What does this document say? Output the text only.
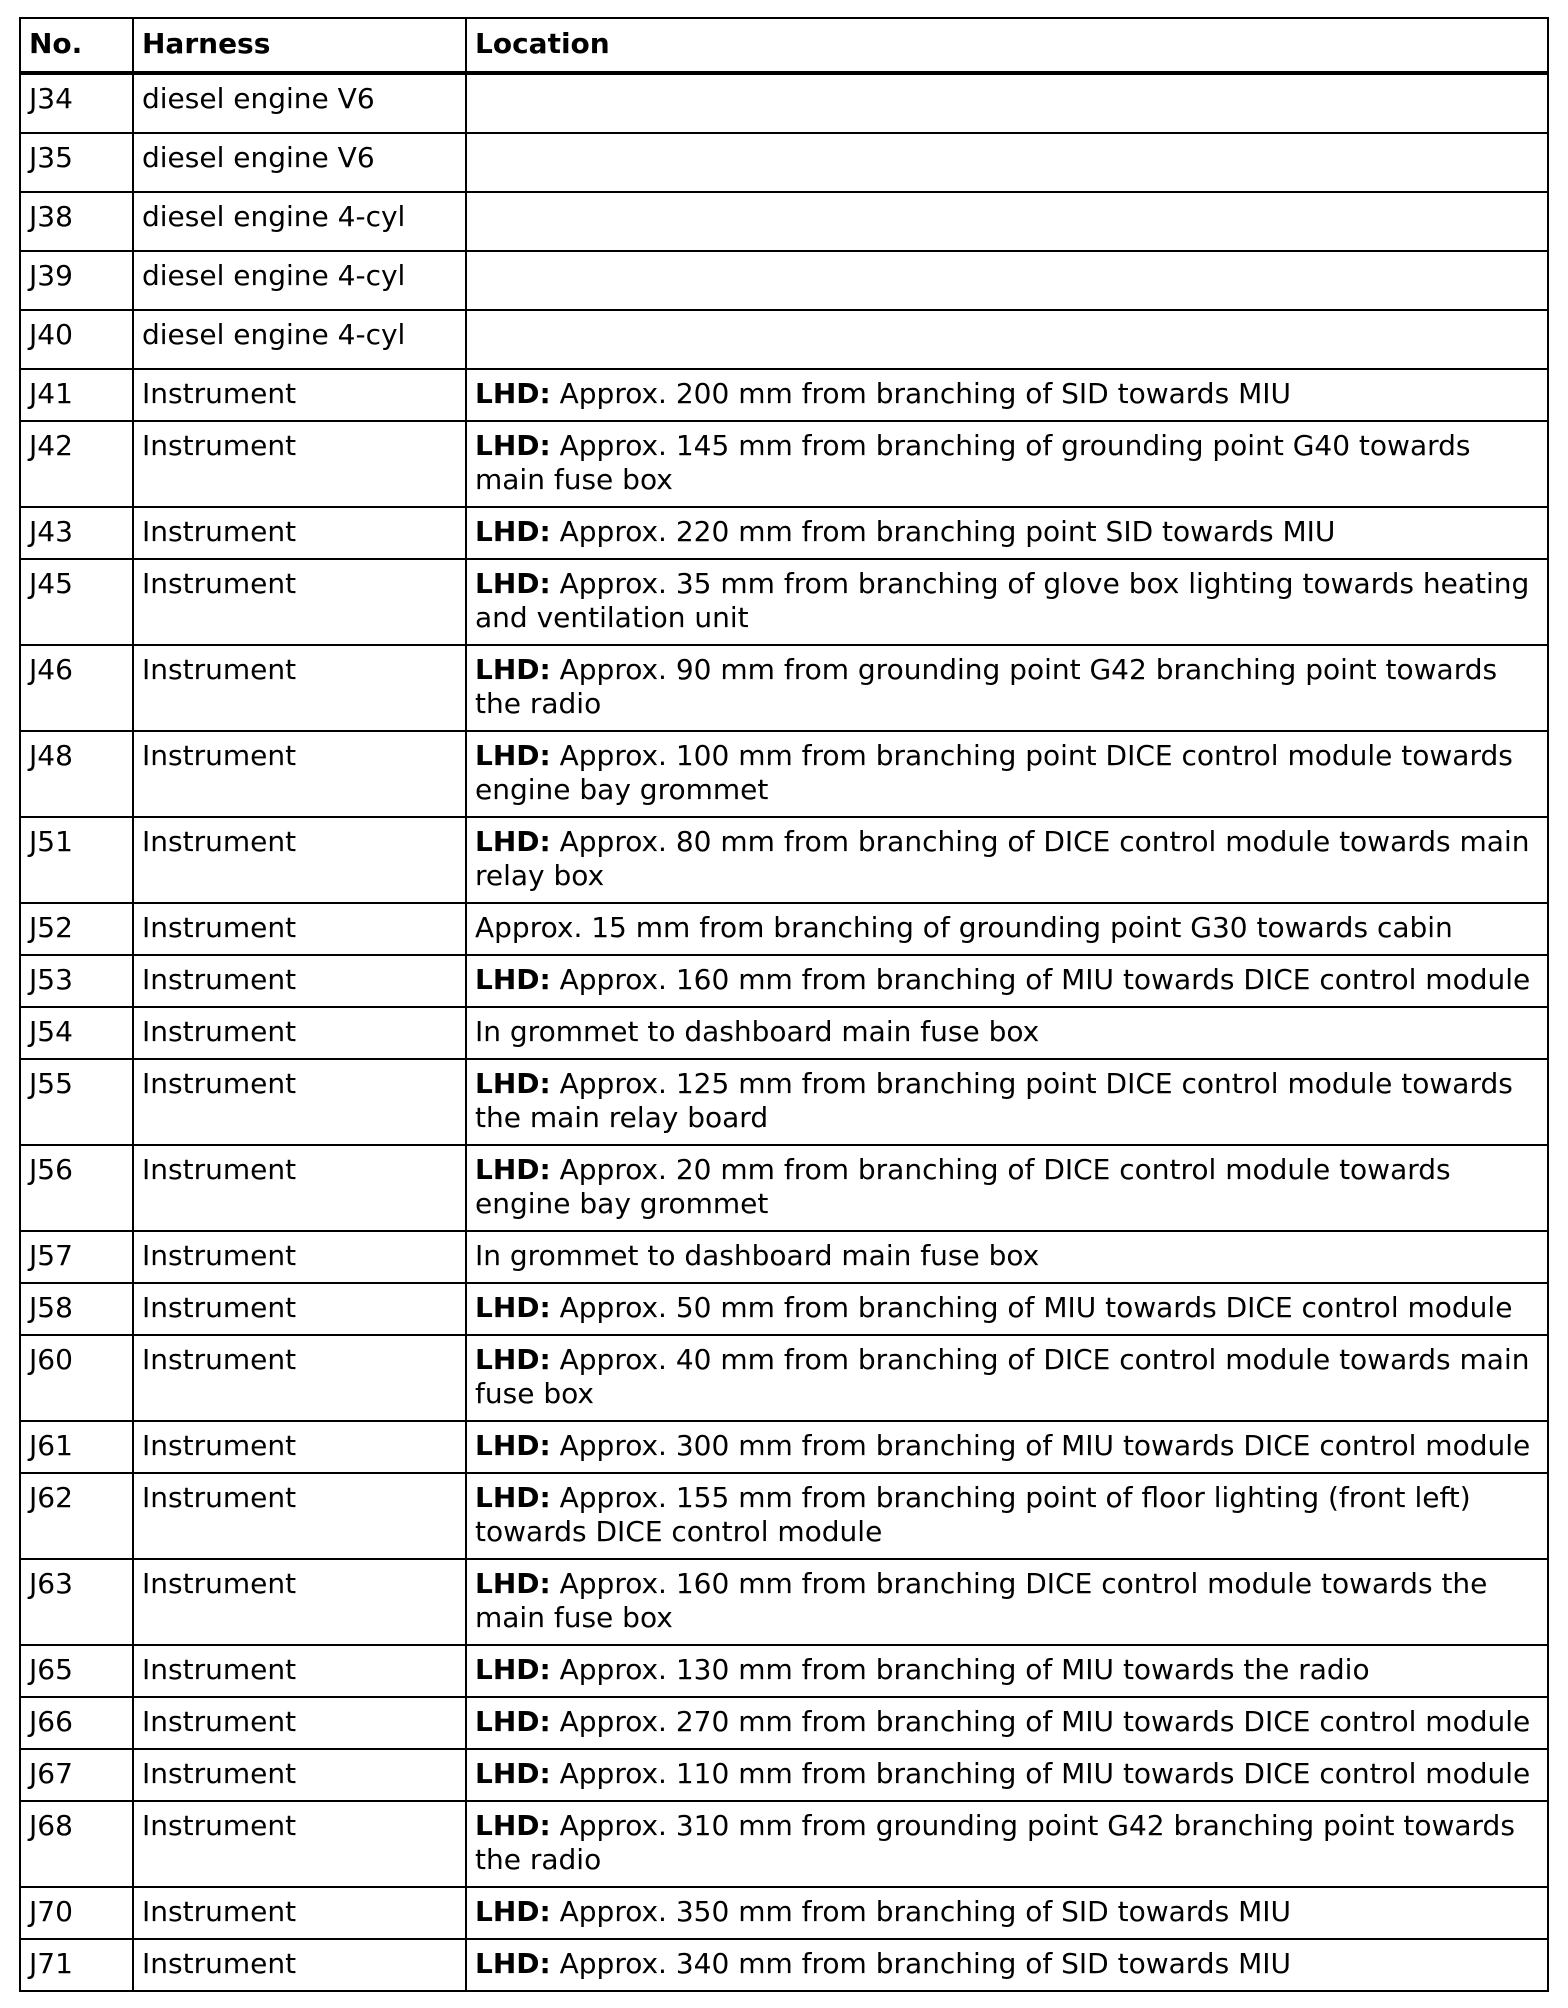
No.	Harness	Location
J34	diesel engine V6	
J35	diesel engine V6	
J38	diesel engine 4-cyl	
J39	diesel engine 4-cyl	
J40	diesel engine 4-cyl	
J41	Instrument	LHD: Approx. 200 mm from branching of SID towards MIU
J42	Instrument	LHD: Approx. 145 mm from branching of grounding point G40 towards main fuse box
J43	Instrument	LHD: Approx. 220 mm from branching point SID towards MIU
J45	Instrument	LHD: Approx. 35 mm from branching of glove box lighting towards heating and ventilation unit
J46	Instrument	LHD: Approx. 90 mm from grounding point G42 branching point towards the radio
J48	Instrument	LHD: Approx. 100 mm from branching point DICE control module towards engine bay grommet
J51	Instrument	LHD: Approx. 80 mm from branching of DICE control module towards main relay box
J52	Instrument	Approx. 15 mm from branching of grounding point G30 towards cabin
J53	Instrument	LHD: Approx. 160 mm from branching of MIU towards DICE control module
J54	Instrument	In grommet to dashboard main fuse box
J55	Instrument	LHD: Approx. 125 mm from branching point DICE control module towards the main relay board
J56	Instrument	LHD: Approx. 20 mm from branching of DICE control module towards engine bay grommet
J57	Instrument	In grommet to dashboard main fuse box
J58	Instrument	LHD: Approx. 50 mm from branching of MIU towards DICE control module
J60	Instrument	LHD: Approx. 40 mm from branching of DICE control module towards main fuse box
J61	Instrument	LHD: Approx. 300 mm from branching of MIU towards DICE control module
J62	Instrument	LHD: Approx. 155 mm from branching point of floor lighting (front left) towards DICE control module
J63	Instrument	LHD: Approx. 160 mm from branching DICE control module towards the main fuse box
J65	Instrument	LHD: Approx. 130 mm from branching of MIU towards the radio
J66	Instrument	LHD: Approx. 270 mm from branching of MIU towards DICE control module
J67	Instrument	LHD: Approx. 110 mm from branching of MIU towards DICE control module
J68	Instrument	LHD: Approx. 310 mm from grounding point G42 branching point towards the radio
J70	Instrument	LHD: Approx. 350 mm from branching of SID towards MIU
J71	Instrument	LHD: Approx. 340 mm from branching of SID towards MIU
